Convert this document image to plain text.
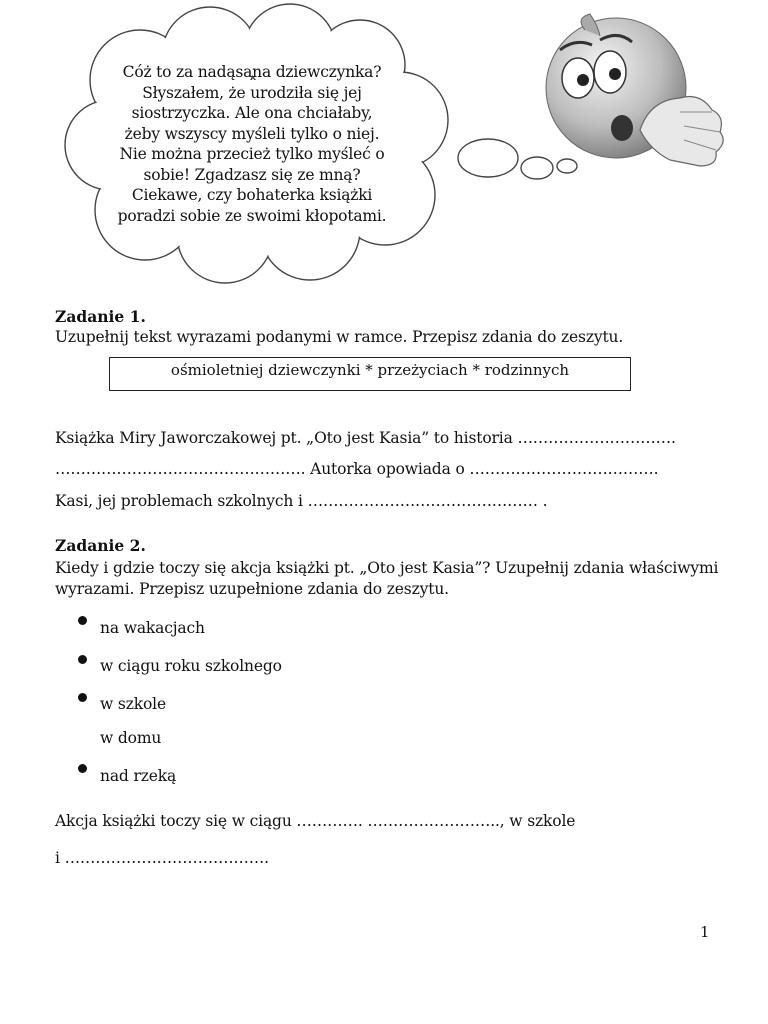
Cóż to za nadąsana dziewczynka?
Słyszałem, że urodziła się jej
siostrzyczka. Ale ona chciałaby,
żeby wszyscy myśleli tylko o niej.
Nie można przecież tylko myśleć o
sobie! Zgadzasz się ze mną?
Ciekawe, czy bohaterka książki
poradzi sobie ze swoimi kłopotami.
Zadanie 1.
Uzupełnij tekst wyrazami podanymi w ramce. Przepisz zdania do zeszytu.
ośmioletniej dziewczynki * przeżyciach * rodzinnych
Książka Miry Jaworczakowej pt. „Oto jest Kasia” to historia ………………………….
…………………………………………. Autorka opowiada o ……………………………….
Kasi, jej problemach szkolnych i ……………………………………… .
Zadanie 2.
Kiedy i gdzie toczy się akcja książki pt. „Oto jest Kasia”? Uzupełnij zdania właściwymi
wyrazami. Przepisz uzupełnione zdania do zeszytu.
na wakacjach
w ciągu roku szkolnego
w szkole
w domu
nad rzeką
Akcja książki toczy się w ciągu …………. …………………….., w szkole
i ………………………………….
1
